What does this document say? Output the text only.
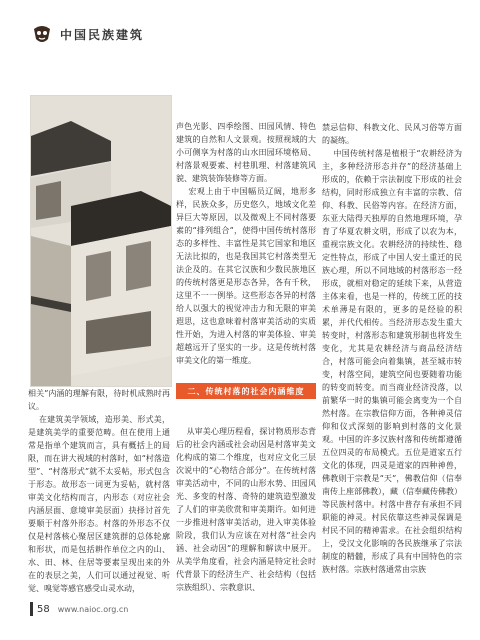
中国民族建筑
相关”内涵的理解有限，待时机成熟时再议。
在建筑美学领域，造形美、形式美，是建筑美学的重要范畴。但在使用上通常是指单个建筑而言，具有概括上的局限，而在讲大视域的村落时，如“村落造型”、“村落形式”就不太妥帖，形式包含于形态。故形态一词更为妥帖，就村落审美文化结构而言，内形态（对应社会内涵层面、意境审美层面）抉择讨首先要顺于村落外形态。村落的外形态不仅仅是村落核心聚居区建筑群的总体轮廓和形状，而是包括耕作单位之内的山、水、田、林、住居等要素呈现出来的外在的表层之美，人们可以通过视觉、听觉、嗅觉等感官感受山灵水动，
声色光影、四季绘图、田园风情、特色建筑的自然和人文景观。按照视域的大小可侧享为村落的山水田园环境格局、村落景观要素、村巷肌理、村落建筑风貌、建筑装饰装修等方面。
宏观上由于中国幅员辽阔，地形多样，民族众多，历史悠久，地域文化差异巨大等原因，以及微观上不同村落要素的“排列组合”，使得中国传统村落形态的多样性、丰富性是其它国家和地区无法比拟的，也是我国其它村落类型无法企及的。在其它汉族和少数民族地区的传统村落更是形态各异，各有千秋，这里不一一例举。这些形态各异的村落给人以强大的视觉冲击力和无限的审美遐思，这也意味着村落审美活动的实质性开始，为进入村落的审美体验、审美超越远开了坚实的一步。这是传统村落审美文化的第一维度。
二、传统村落的社会内涵维度
从审美心理历程看，探讨物质形态背后的社会内涵或社会动因是村落审美文化构成的第二个维度，也对应文化三层次说中的“心物结合部分”。在传统村落审美活动中，不同的山形水势、田园风光、多变的村落、奇特的建筑造型激发了人们的审美欣赏和审美期许。如何进一步推进村落审美活动，进入审美体验阶段，我们认为应该在对村落“社会内涵、社会动因”的理解和解读中展开。从美学角度看，社会内涵是特定社会时代背景下的经济生产、社会结构（包括宗族组织）、宗教意识、
禁忌信仰、科教文化、民风习俗等方面的凝练。
中国传统村落是植根于“农耕经济为主，多种经济形态并存”的经济基础上形成的，依赖于宗法制度下形成的社会结构，同时形成独立有丰富的宗教、信仰、科教、民俗等内容。在经济方面，东亚大陆得天独厚的自然地理环境，孕育了华夏农耕文明，形成了以农为本，重视宗族文化。农耕经济的持续性、稳定性特点，形成了中国人安土重迁的民族心理，所以不同地域的村落形态一经形成，就相对稳定的延续下来，从营造主体来看，也是一样的，传统工匠的技术单薄是有限的，更多的是经验的积累，并代代相传。当经济形态发生重大转变时，村落形态和建筑形制也将发生变化，尤其是农耕经济与商品经济结合，村落可能会向着集镇，甚至城市转变，村落空间，建筑空间也要随着功能的转变而转变。而当商业经济没落，以前繁华一时的集镇可能会离变为一个自然村落。在宗教信仰方面，各种神灵信仰和仪式深刻的影响到村落的文化景观。中国的许多汉族村落和传统都遵循五位四灵的布局模式。五位是道家五行文化的体现，四灵是道家的四种神兽，佛教则于宗教是“天”，佛教信仰（信奉南传上座部佛教），藏（信奉藏传佛教）等民族村落中。村落中普存有承担不同职能的神灵。村民依靠这些神灵保调是村民不同的精神需求。在社会组织结构上，受汉文化影响的各民族继承了宗法制度的精髓，形成了具有中国特色的宗族村落。宗族村落通常由宗族
58 www.naioc.org.cn
